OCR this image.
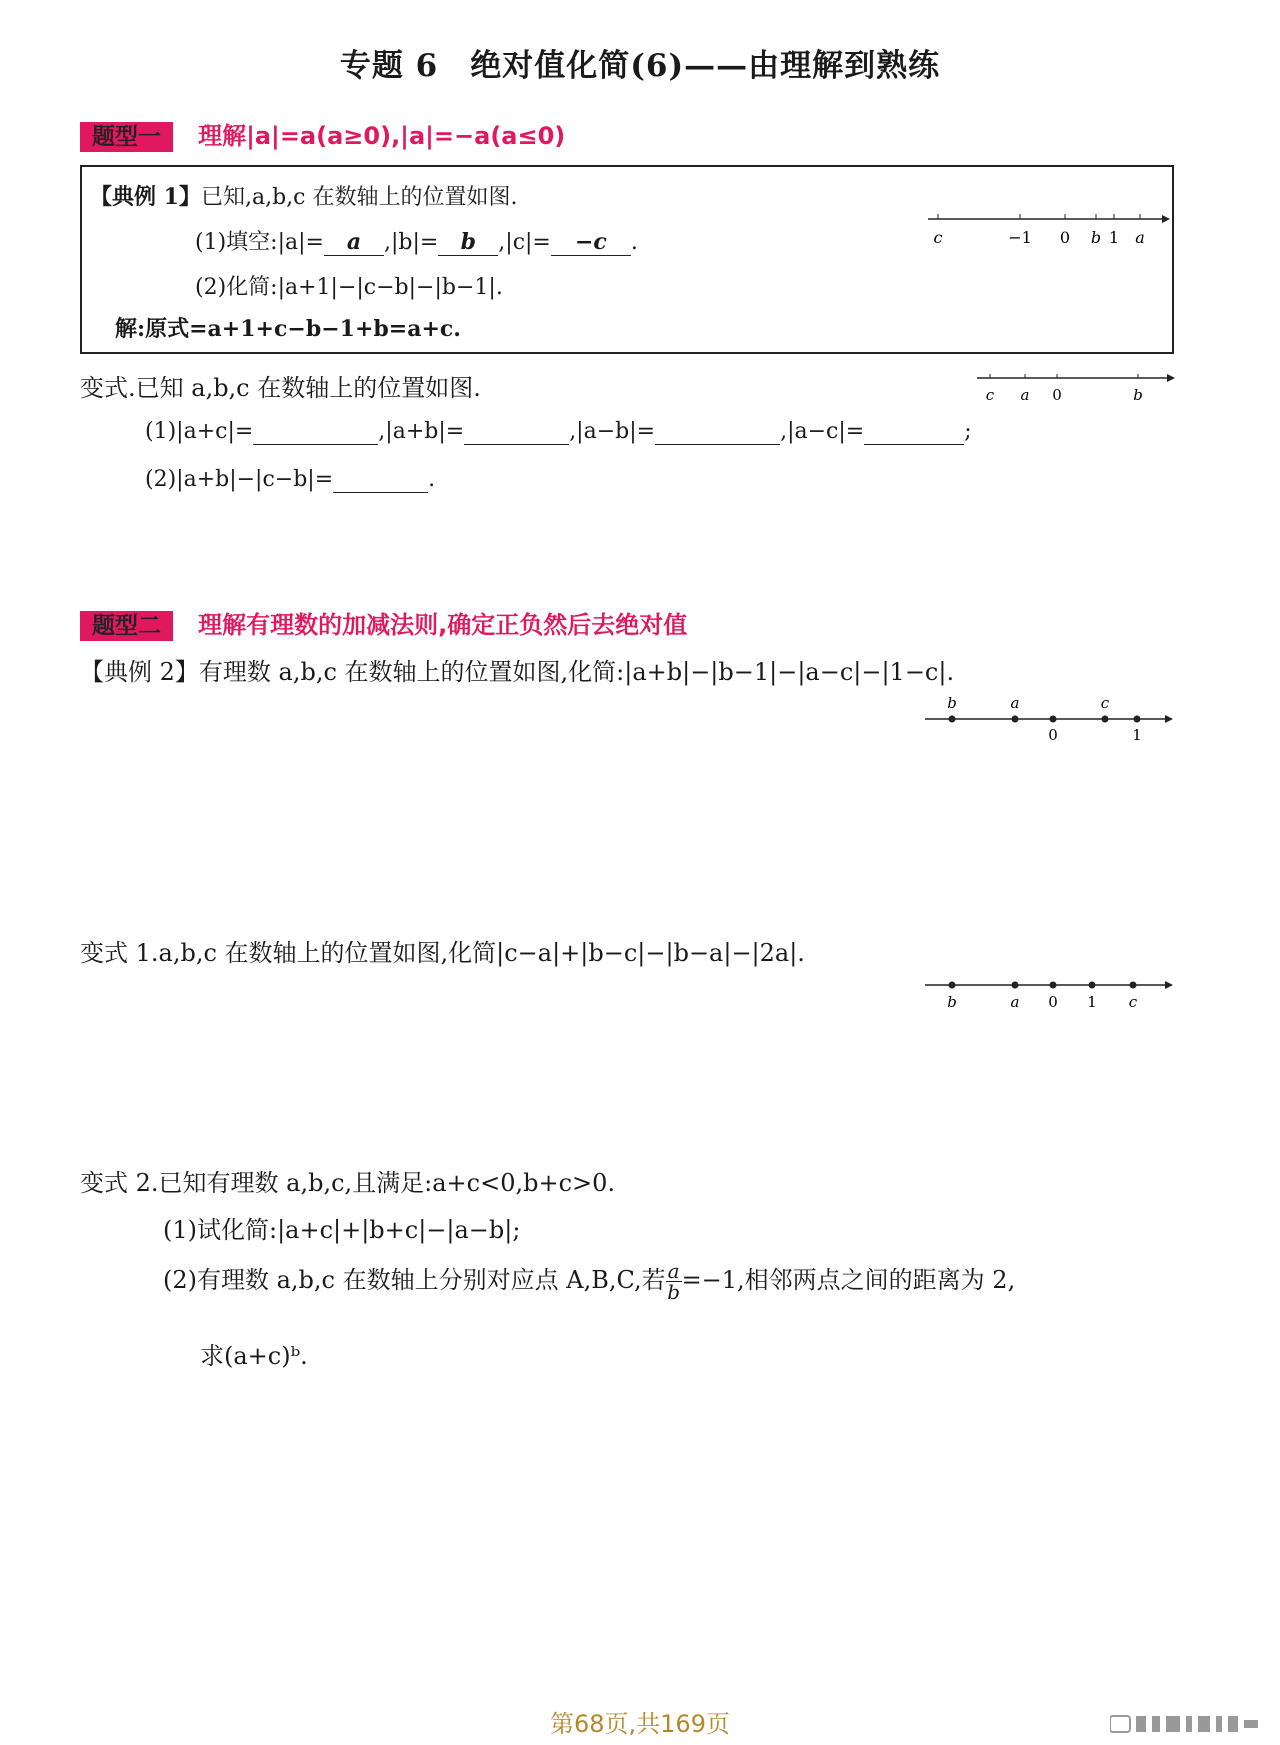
专题 6　绝对值化简(6)——由理解到熟练
题型一 理解|a|=a(a≥0),|a|=−a(a≤0)
【典例 1】已知,a,b,c 在数轴上的位置如图.
(1)填空:|a|= a ,|b|= b ,|c|= −c .
(2)化简:|a+1|−|c−b|−|b−1|.
解:原式=a+1+c−b−1+b=a+c.
c	−1 0 b 1 a
变式.已知 a,b,c 在数轴上的位置如图.
(1)|a+c|=	,|a+b|=	,|a−b|=	,|a−c|=	;
(2)|a+b|−|c−b|=	.
c a 0	b
题型二 理解有理数的加减法则,确定正负然后去绝对值
【典例 2】有理数 a,b,c 在数轴上的位置如图,化简:|a+b|−|b−1|−|a−c|−|1−c|.
b	a	c
0	1
变式 1.a,b,c 在数轴上的位置如图,化简|c−a|+|b−c|−|b−a|−|2a|.
b	a 0 1 c
变式 2.已知有理数 a,b,c,且满足:a+c<0,b+c>0.
(1)试化简:|a+c|+|b+c|−|a−b|;
(2)有理数 a,b,c 在数轴上分别对应点 A,B,C,若 $\frac{a}{b} =-1$,相邻两点之间的距离为 2,
求(a+c)ᵇ.
第68页,共169页
